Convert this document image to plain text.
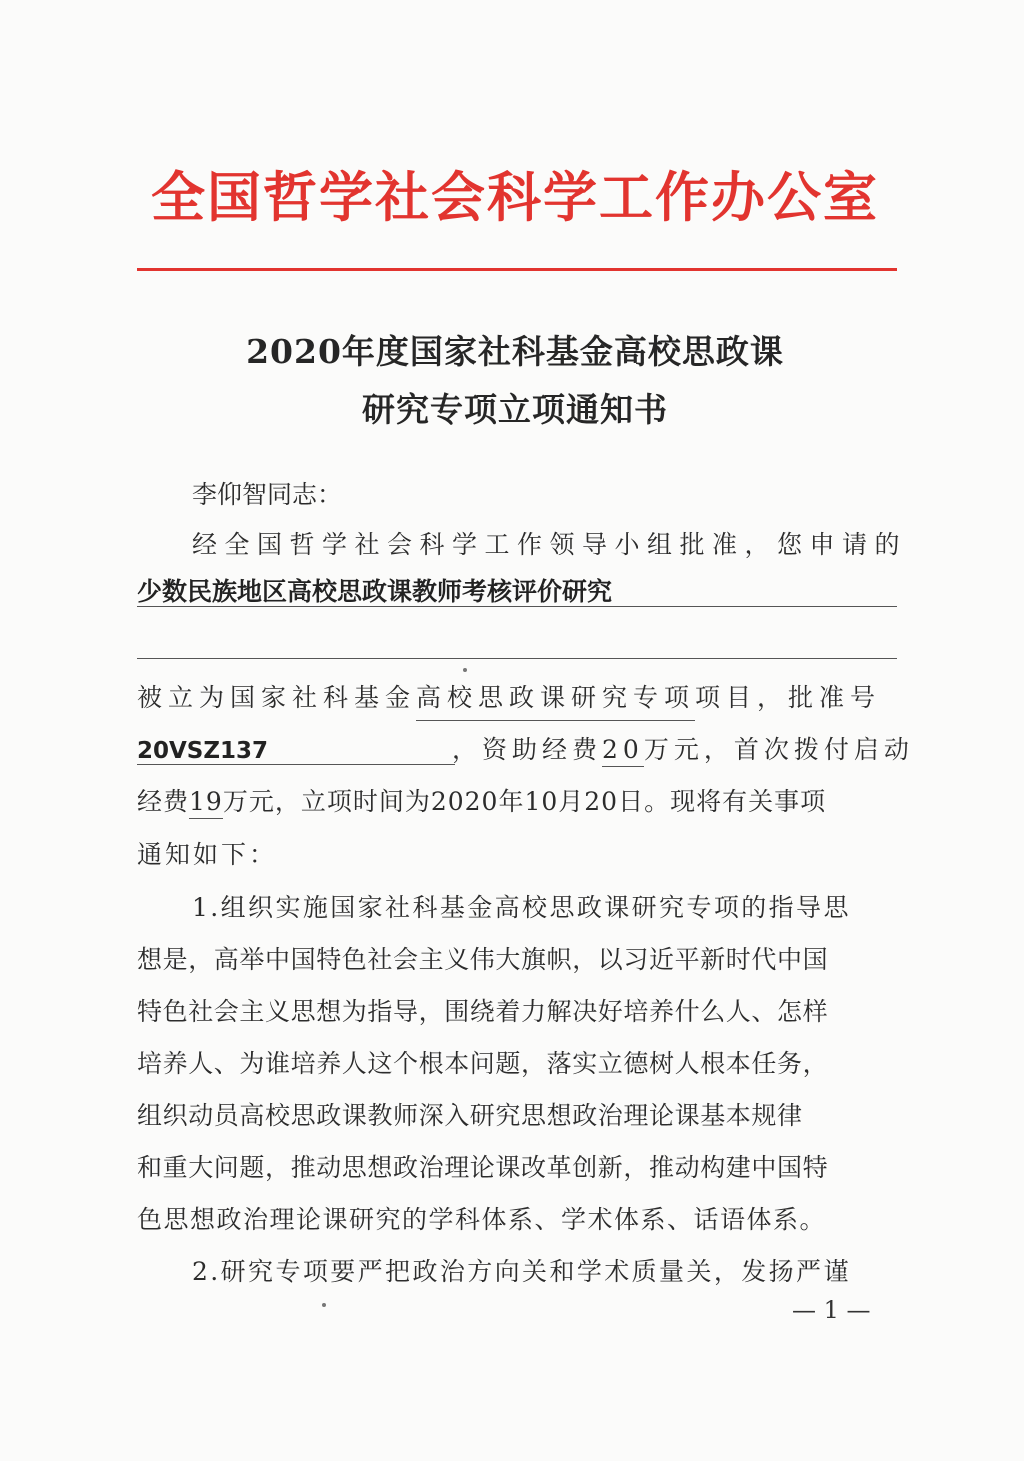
全国哲学社会科学工作办公室
2020年度国家社科基金高校思政课
研究专项立项通知书
李仰智同志：
经全国哲学社会科学工作领导小组批准，您申请的
少数民族地区高校思政课教师考核评价研究
被立为国家社科基金高校思政课研究专项项目，批准号
20VSZ137	，资助经费20万元，首次拨付启动
经费19万元，立项时间为2020年10月20日。现将有关事项
通知如下：
1.组织实施国家社科基金高校思政课研究专项的指导思
想是，高举中国特色社会主义伟大旗帜，以习近平新时代中国
特色社会主义思想为指导，围绕着力解决好培养什么人、怎样
培养人、为谁培养人这个根本问题，落实立德树人根本任务，
组织动员高校思政课教师深入研究思想政治理论课基本规律
和重大问题，推动思想政治理论课改革创新，推动构建中国特
色思想政治理论课研究的学科体系、学术体系、话语体系。
2.研究专项要严把政治方向关和学术质量关，发扬严谨
— 1 —
